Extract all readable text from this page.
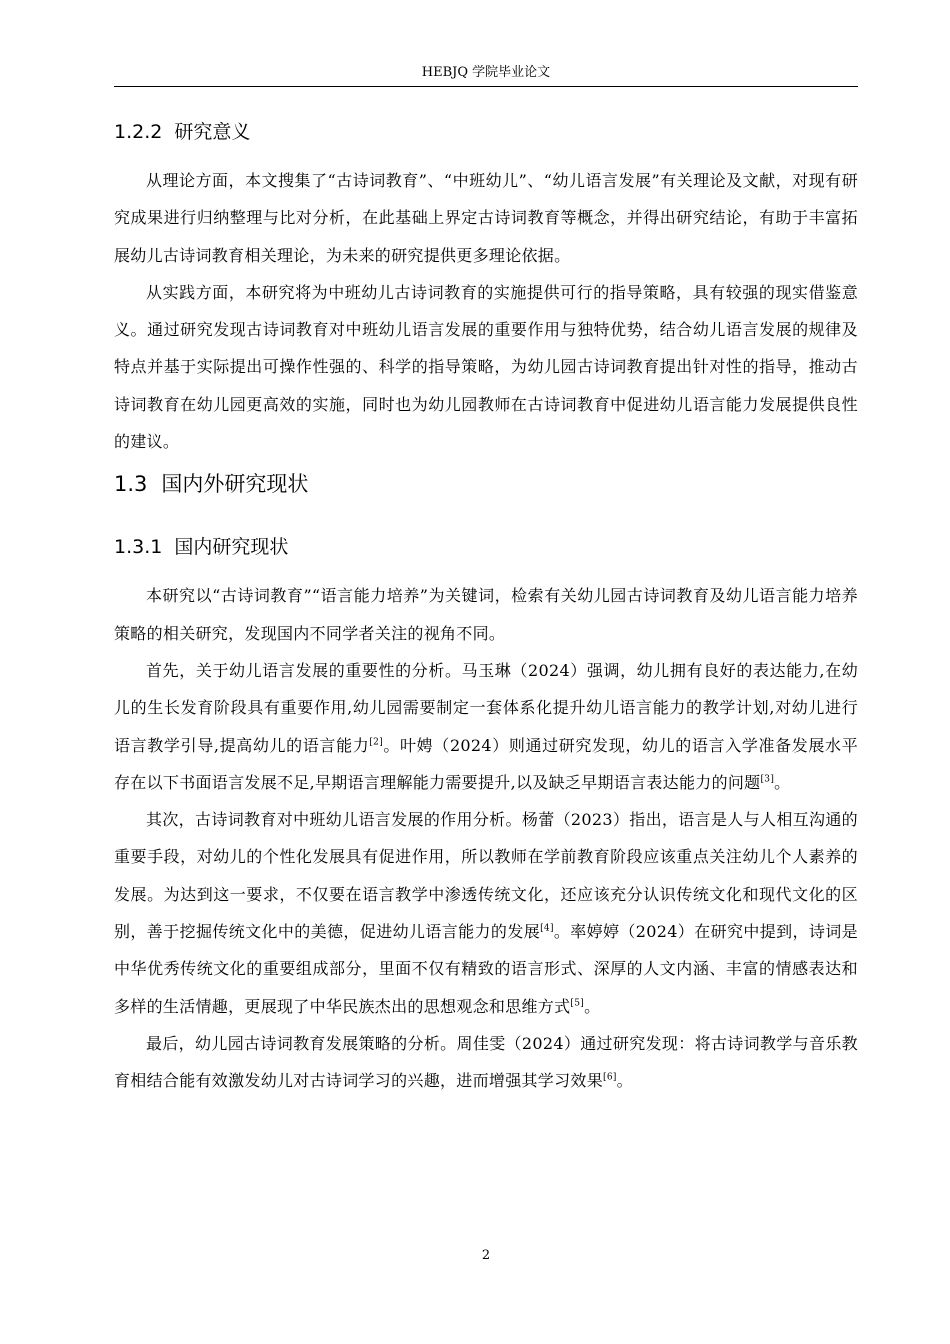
HEBJQ 学院毕业论文
1.2.2 研究意义

从理论方面，本文搜集了“古诗词教育”、“中班幼儿”、“幼儿语言发展”有关理论及文献，对现有研究成果进行归纳整理与比对分析，在此基础上界定古诗词教育等概念，并得出研究结论，有助于丰富拓展幼儿古诗词教育相关理论，为未来的研究提供更多理论依据。

从实践方面，本研究将为中班幼儿古诗词教育的实施提供可行的指导策略，具有较强的现实借鉴意义。通过研究发现古诗词教育对中班幼儿语言发展的重要作用与独特优势，结合幼儿语言发展的规律及特点并基于实际提出可操作性强的、科学的指导策略，为幼儿园古诗词教育提出针对性的指导，推动古诗词教育在幼儿园更高效的实施，同时也为幼儿园教师在古诗词教育中促进幼儿语言能力发展提供良性的建议。

1.3 国内外研究现状
1.3.1 国内研究现状

本研究以“古诗词教育”“语言能力培养”为关键词，检索有关幼儿园古诗词教育及幼儿语言能力培养策略的相关研究，发现国内不同学者关注的视角不同。

首先，关于幼儿语言发展的重要性的分析。马玉琳（2024）强调，幼儿拥有良好的表达能力,在幼儿的生长发育阶段具有重要作用,幼儿园需要制定一套体系化提升幼儿语言能力的教学计划,对幼儿进行语言教学引导,提高幼儿的语言能力[2]。叶娉（2024）则通过研究发现，幼儿的语言入学准备发展水平存在以下书面语言发展不足,早期语言理解能力需要提升,以及缺乏早期语言表达能力的问题[3]。

其次，古诗词教育对中班幼儿语言发展的作用分析。杨蕾（2023）指出，语言是人与人相互沟通的重要手段，对幼儿的个性化发展具有促进作用，所以教师在学前教育阶段应该重点关注幼儿个人素养的发展。为达到这一要求，不仅要在语言教学中渗透传统文化，还应该充分认识传统文化和现代文化的区别，善于挖掘传统文化中的美德，促进幼儿语言能力的发展[4]。率婷婷（2024）在研究中提到，诗词是中华优秀传统文化的重要组成部分，里面不仅有精致的语言形式、深厚的人文内涵、丰富的情感表达和多样的生活情趣，更展现了中华民族杰出的思想观念和思维方式[5]。

最后，幼儿园古诗词教育发展策略的分析。周佳雯（2024）通过研究发现：将古诗词教学与音乐教育相结合能有效激发幼儿对古诗词学习的兴趣，进而增强其学习效果[6]。

2
